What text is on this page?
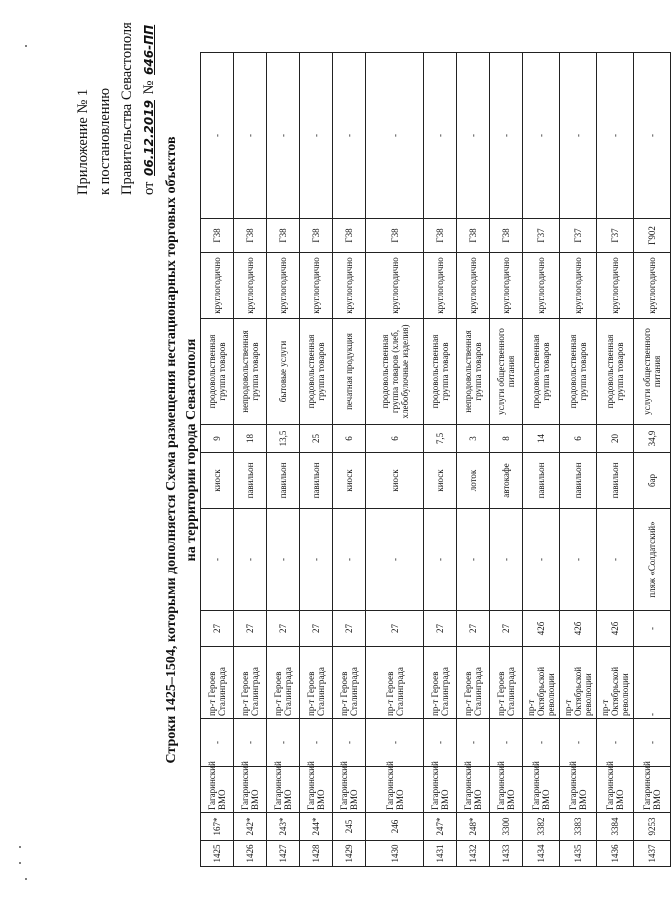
Приложение № 1 к постановлению Правительства Севастополя от 06.12.2019 № 646-ПП
Строки 1425–1504, которыми дополняется Схема размещения нестационарных торговых объектов на территории города Севастополя
1425	167*	Гагаринский ВМО	-	пр-т Героев Сталинграда	27	-	киоск	9	продовольственная группа товаров	круглогодично	Г38	-
1426	242*	Гагаринский ВМО	-	пр-т Героев Сталинграда	27	-	павильон	18	непродовольственная группа товаров	круглогодично	Г38	-
1427	243*	Гагаринский ВМО	-	пр-т Героев Сталинграда	27	-	павильон	13,5	бытовые услуги	круглогодично	Г38	-
1428	244*	Гагаринский ВМО	-	пр-т Героев Сталинграда	27	-	павильон	25	продовольственная группа товаров	круглогодично	Г38	-
1429	245	Гагаринский ВМО	-	пр-т Героев Сталинграда	27	-	киоск	6	печатная продукция	круглогодично	Г38	-
1430	246	Гагаринский ВМО	-	пр-т Героев Сталинграда	27	-	киоск	6	продовольственная группа товаров (хлеб, хлебобулочные изделия)	круглогодично	Г38	-
1431	247*	Гагаринский ВМО	-	пр-т Героев Сталинграда	27	-	киоск	7,5	продовольственная группа товаров	круглогодично	Г38	-
1432	248*	Гагаринский ВМО	-	пр-т Героев Сталинграда	27	-	лоток	3	непродовольственная группа товаров	круглогодично	Г38	-
1433	3300	Гагаринский ВМО	-	пр-т Героев Сталинграда	27	-	автокафе	8	услуги общественного питания	круглогодично	Г38	-
1434	3382	Гагаринский ВМО	-	пр-т Октябрьской революции	42б	-	павильон	14	продовольственная группа товаров	круглогодично	Г37	-
1435	3383	Гагаринский ВМО	-	пр-т Октябрьской революции	42б	-	павильон	6	продовольственная группа товаров	круглогодично	Г37	-
1436	3384	Гагаринский ВМО	-	пр-т Октябрьской революции	42б	-	павильон	20	продовольственная группа товаров	круглогодично	Г37	-
1437	9253	Гагаринский ВМО	-	-	-	пляж «Солдатский»	бар	34,9	услуги общественного питания	круглогодично	Г902	-
